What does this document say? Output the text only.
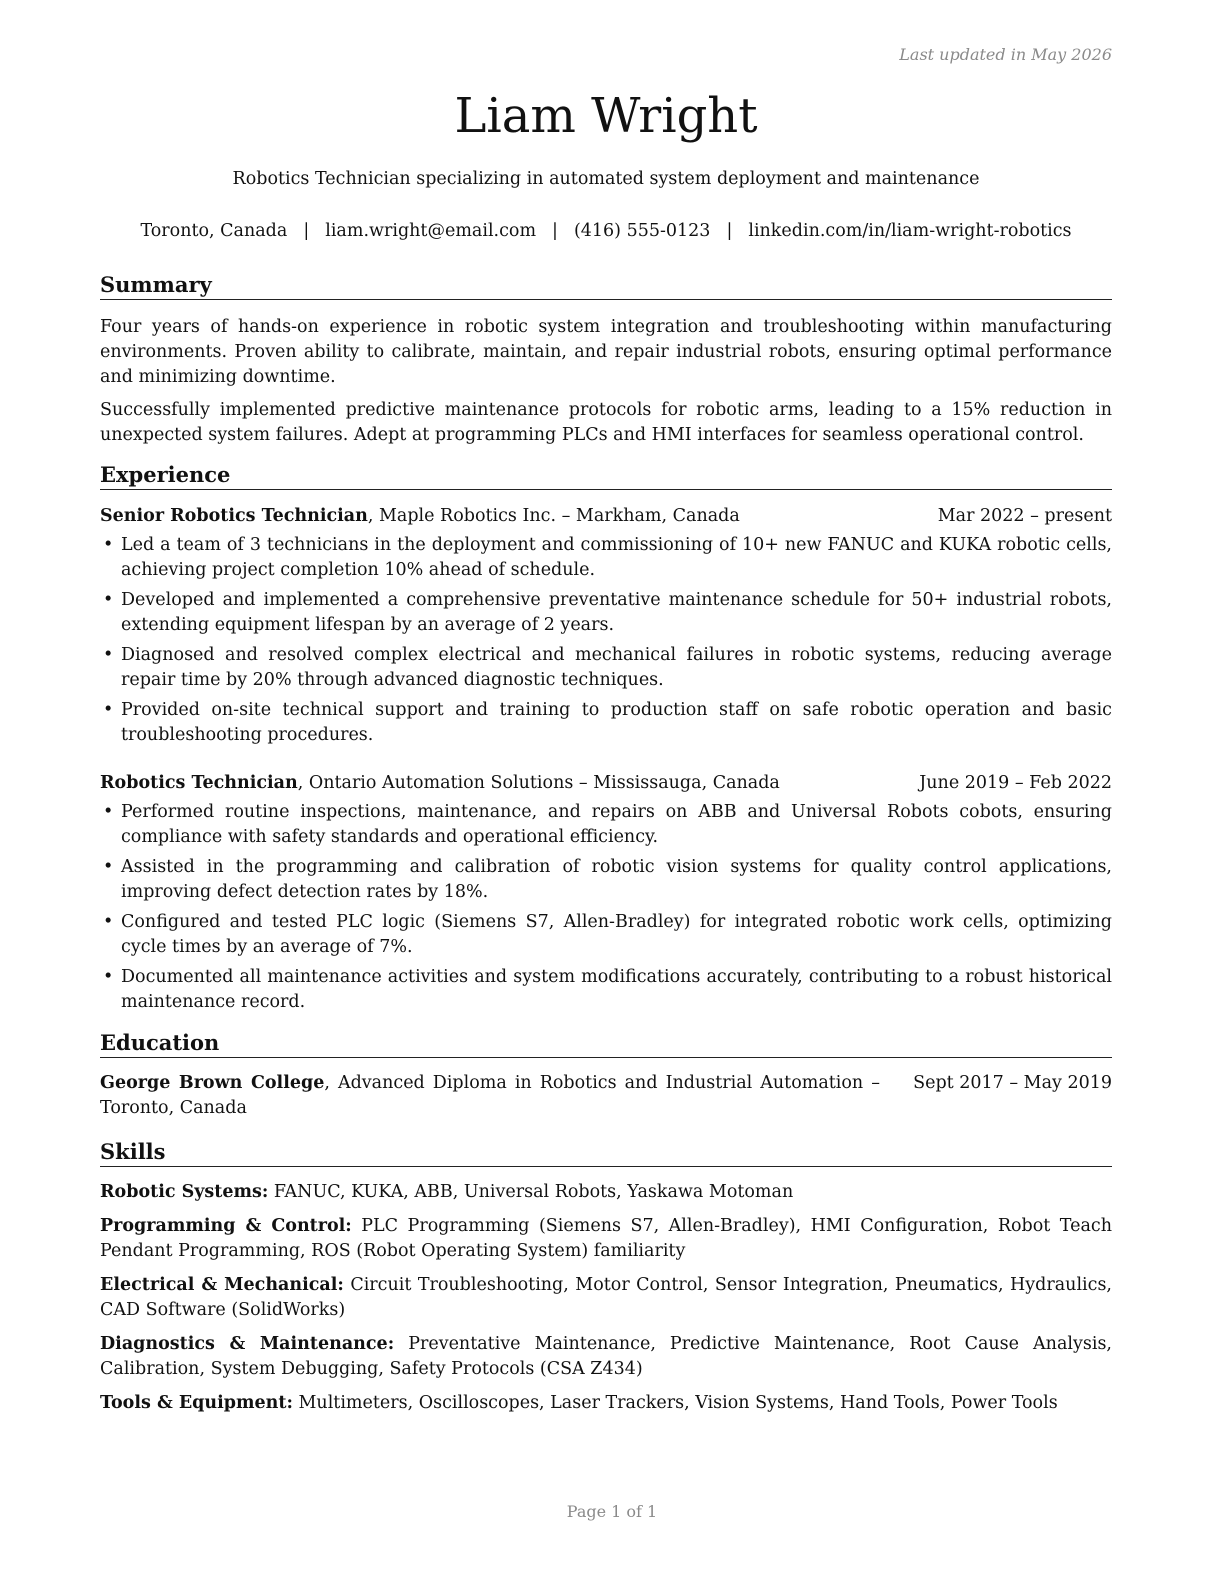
Last updated in May 2026
Liam Wright
Robotics Technician specializing in automated system deployment and maintenance
Toronto, Canada | liam.wright@email.com | (416) 555-0123 | linkedin.com/in/liam-wright-robotics
Summary

Four years of hands-on experience in robotic system integration and troubleshooting within manufacturing environments. Proven ability to calibrate, maintain, and repair industrial robots, ensuring optimal performance and minimizing downtime.

Successfully implemented predictive maintenance protocols for robotic arms, leading to a 15% reduction in unexpected system failures. Adept at programming PLCs and HMI interfaces for seamless operational control.

Experience
Senior Robotics Technician, Maple Robotics Inc. – Markham, Canada	Mar 2022 – present
• Led a team of 3 technicians in the deployment and commissioning of 10+ new FANUC and KUKA robotic cells, achieving project completion 10% ahead of schedule.
• Developed and implemented a comprehensive preventative maintenance schedule for 50+ industrial robots, extending equipment lifespan by an average of 2 years.
• Diagnosed and resolved complex electrical and mechanical failures in robotic systems, reducing average repair time by 20% through advanced diagnostic techniques.
• Provided on-site technical support and training to production staff on safe robotic operation and basic troubleshooting procedures.
Robotics Technician, Ontario Automation Solutions – Mississauga, Canada	June 2019 – Feb 2022
• Performed routine inspections, maintenance, and repairs on ABB and Universal Robots cobots, ensuring compliance with safety standards and operational efficiency.
• Assisted in the programming and calibration of robotic vision systems for quality control applications, improving defect detection rates by 18%.
• Configured and tested PLC logic (Siemens S7, Allen-Bradley) for integrated robotic work cells, optimizing cycle times by an average of 7%.
• Documented all maintenance activities and system modifications accurately, contributing to a robust historical maintenance record.
Education
George Brown College, Advanced Diploma in Robotics and Industrial Automation – Toronto, Canada
Sept 2017 – May 2019
Skills
Robotic Systems: FANUC, KUKA, ABB, Universal Robots, Yaskawa Motoman
Programming & Control: PLC Programming (Siemens S7, Allen-Bradley), HMI Configuration, Robot Teach Pendant Programming, ROS (Robot Operating System) familiarity
Electrical & Mechanical: Circuit Troubleshooting, Motor Control, Sensor Integration, Pneumatics, Hydraulics, CAD Software (SolidWorks)
Diagnostics & Maintenance: Preventative Maintenance, Predictive Maintenance, Root Cause Analysis, Calibration, System Debugging, Safety Protocols (CSA Z434)
Tools & Equipment: Multimeters, Oscilloscopes, Laser Trackers, Vision Systems, Hand Tools, Power Tools
Page 1 of 1
